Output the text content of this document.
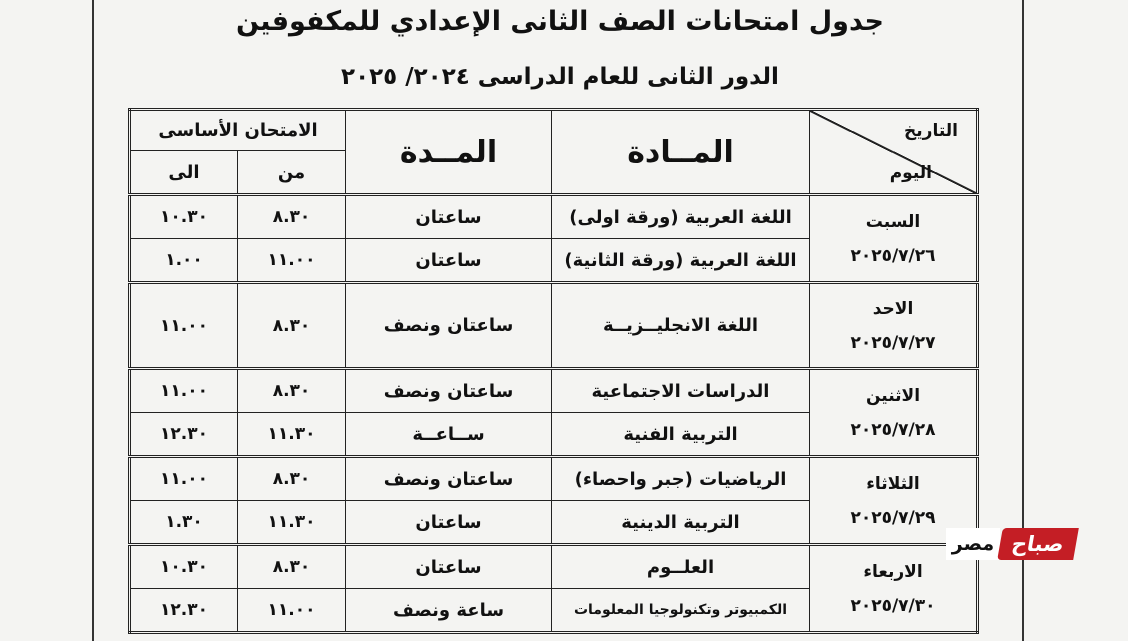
جدول امتحانات الصف الثانى الإعدادي للمكفوفين
الدور الثانى للعام الدراسى ٢٠٢٤/ ٢٠٢٥
التاريخ
اليوم	المــادة	المــدة	الامتحان الأساسى	
			من	الى

السبت
٢٠٢٥/٧/٢٦	اللغة العربية (ورقة اولى)	ساعتان	٨.٣٠	١٠.٣٠
	اللغة العربية (ورقة الثانية)	ساعتان	١١.٠٠	١.٠٠

الاحد
٢٠٢٥/٧/٢٧	اللغة الانجليــزيــة	ساعتان ونصف	٨.٣٠	١١.٠٠

الاثنين
٢٠٢٥/٧/٢٨	الدراسات الاجتماعية	ساعتان ونصف	٨.٣٠	١١.٠٠
	التربية الفنية	ســاعــة	١١.٣٠	١٢.٣٠

الثلاثاء
٢٠٢٥/٧/٢٩	الرياضيات (جبر واحصاء)	ساعتان ونصف	٨.٣٠	١١.٠٠
	التربية الدينية	ساعتان	١١.٣٠	١.٣٠

الاربعاء
٢٠٢٥/٧/٣٠	العلــوم	ساعتان	٨.٣٠	١٠.٣٠
	الكمبيوتر وتكنولوجيا المعلومات	ساعة ونصف	١١.٠٠	١٢.٣٠
صباح
مصر
